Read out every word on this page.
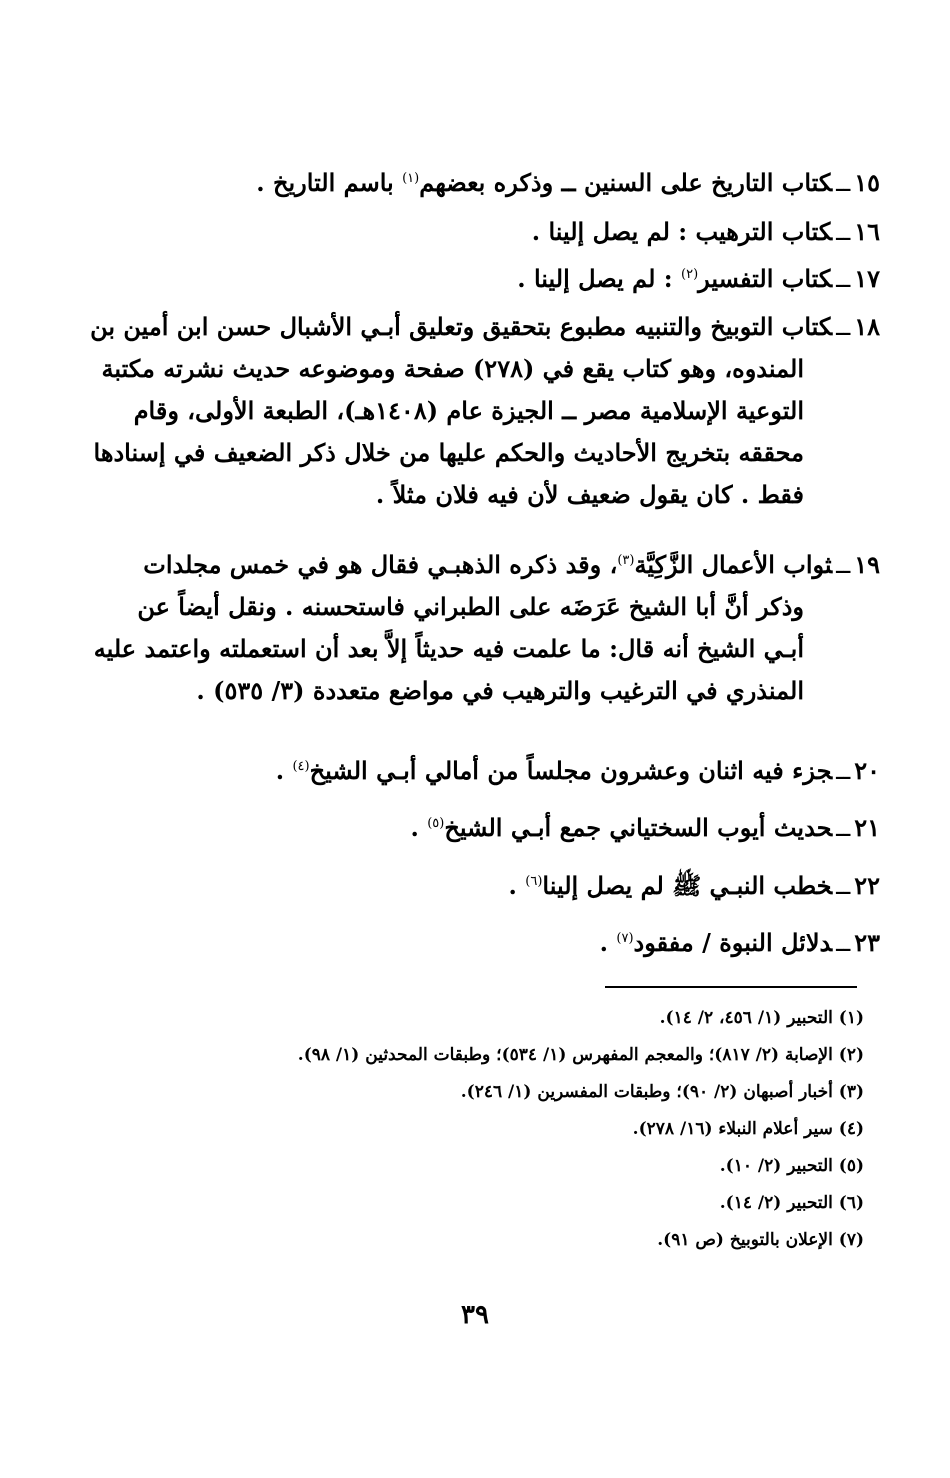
١٥ــكتاب التاريخ على السنين ــ وذكره بعضهم$^{(١)}$ باسم التاريخ .
١٦ــكتاب الترهيب : لم يصل إلينا .
١٧ــكتاب التفسير$^{(٢)}$ : لم يصل إلينا .
١٨ــكتاب التوبيخ والتنبيه مطبوع بتحقيق وتعليق أبـي الأشبال حسن ابن أمين بن
المندوه، وهو كتاب يقع في (٢٧٨) صفحة وموضوعه حديث نشرته مكتبة
التوعية الإسلامية مصر ــ الجيزة عام (١٤٠٨هـ)، الطبعة الأولى، وقام
محققه بتخريج الأحاديث والحكم عليها من خلال ذكر الضعيف في إسنادها
فقط . كان يقول ضعيف لأن فيه فلان مثلاً .
١٩ــثواب الأعمال الزَّكِيَّة$^{(٣)}$، وقد ذكره الذهبـي فقال هو في خمس مجلدات
وذكر أنَّ أبا الشيخ عَرَضَه على الطبراني فاستحسنه . ونقل أيضاً عن
أبـي الشيخ أنه قال: ما علمت فيه حديثاً إلاَّ بعد أن استعملته واعتمد عليه
المنذري في الترغيب والترهيب في مواضع متعددة (٣/ ٥٣٥) .
٢٠ــجزء فيه اثنان وعشرون مجلساً من أمالي أبـي الشيخ$^{(٤)}$ .
٢١ــحديث أيوب السختياني جمع أبـي الشيخ$^{(٥)}$ .
٢٢ــخطب النبـي ﷺ لم يصل إلينا$^{(٦)}$ .
٢٣ــدلائل النبوة / مفقود$^{(٧)}$ .
(١) التحبير (١/ ٤٥٦، ٢/ ١٤).
(٢) الإصابة (٢/ ٨١٧)؛ والمعجم المفهرس (١/ ٥٣٤)؛ وطبقات المحدثين (١/ ٩٨).
(٣) أخبار أصبهان (٢/ ٩٠)؛ وطبقات المفسرين (١/ ٢٤٦).
(٤) سير أعلام النبلاء (١٦/ ٢٧٨).
(٥) التحبير (٢/ ١٠).
(٦) التحبير (٢/ ١٤).
(٧) الإعلان بالتوبيخ (ص ٩١).
٣٩
